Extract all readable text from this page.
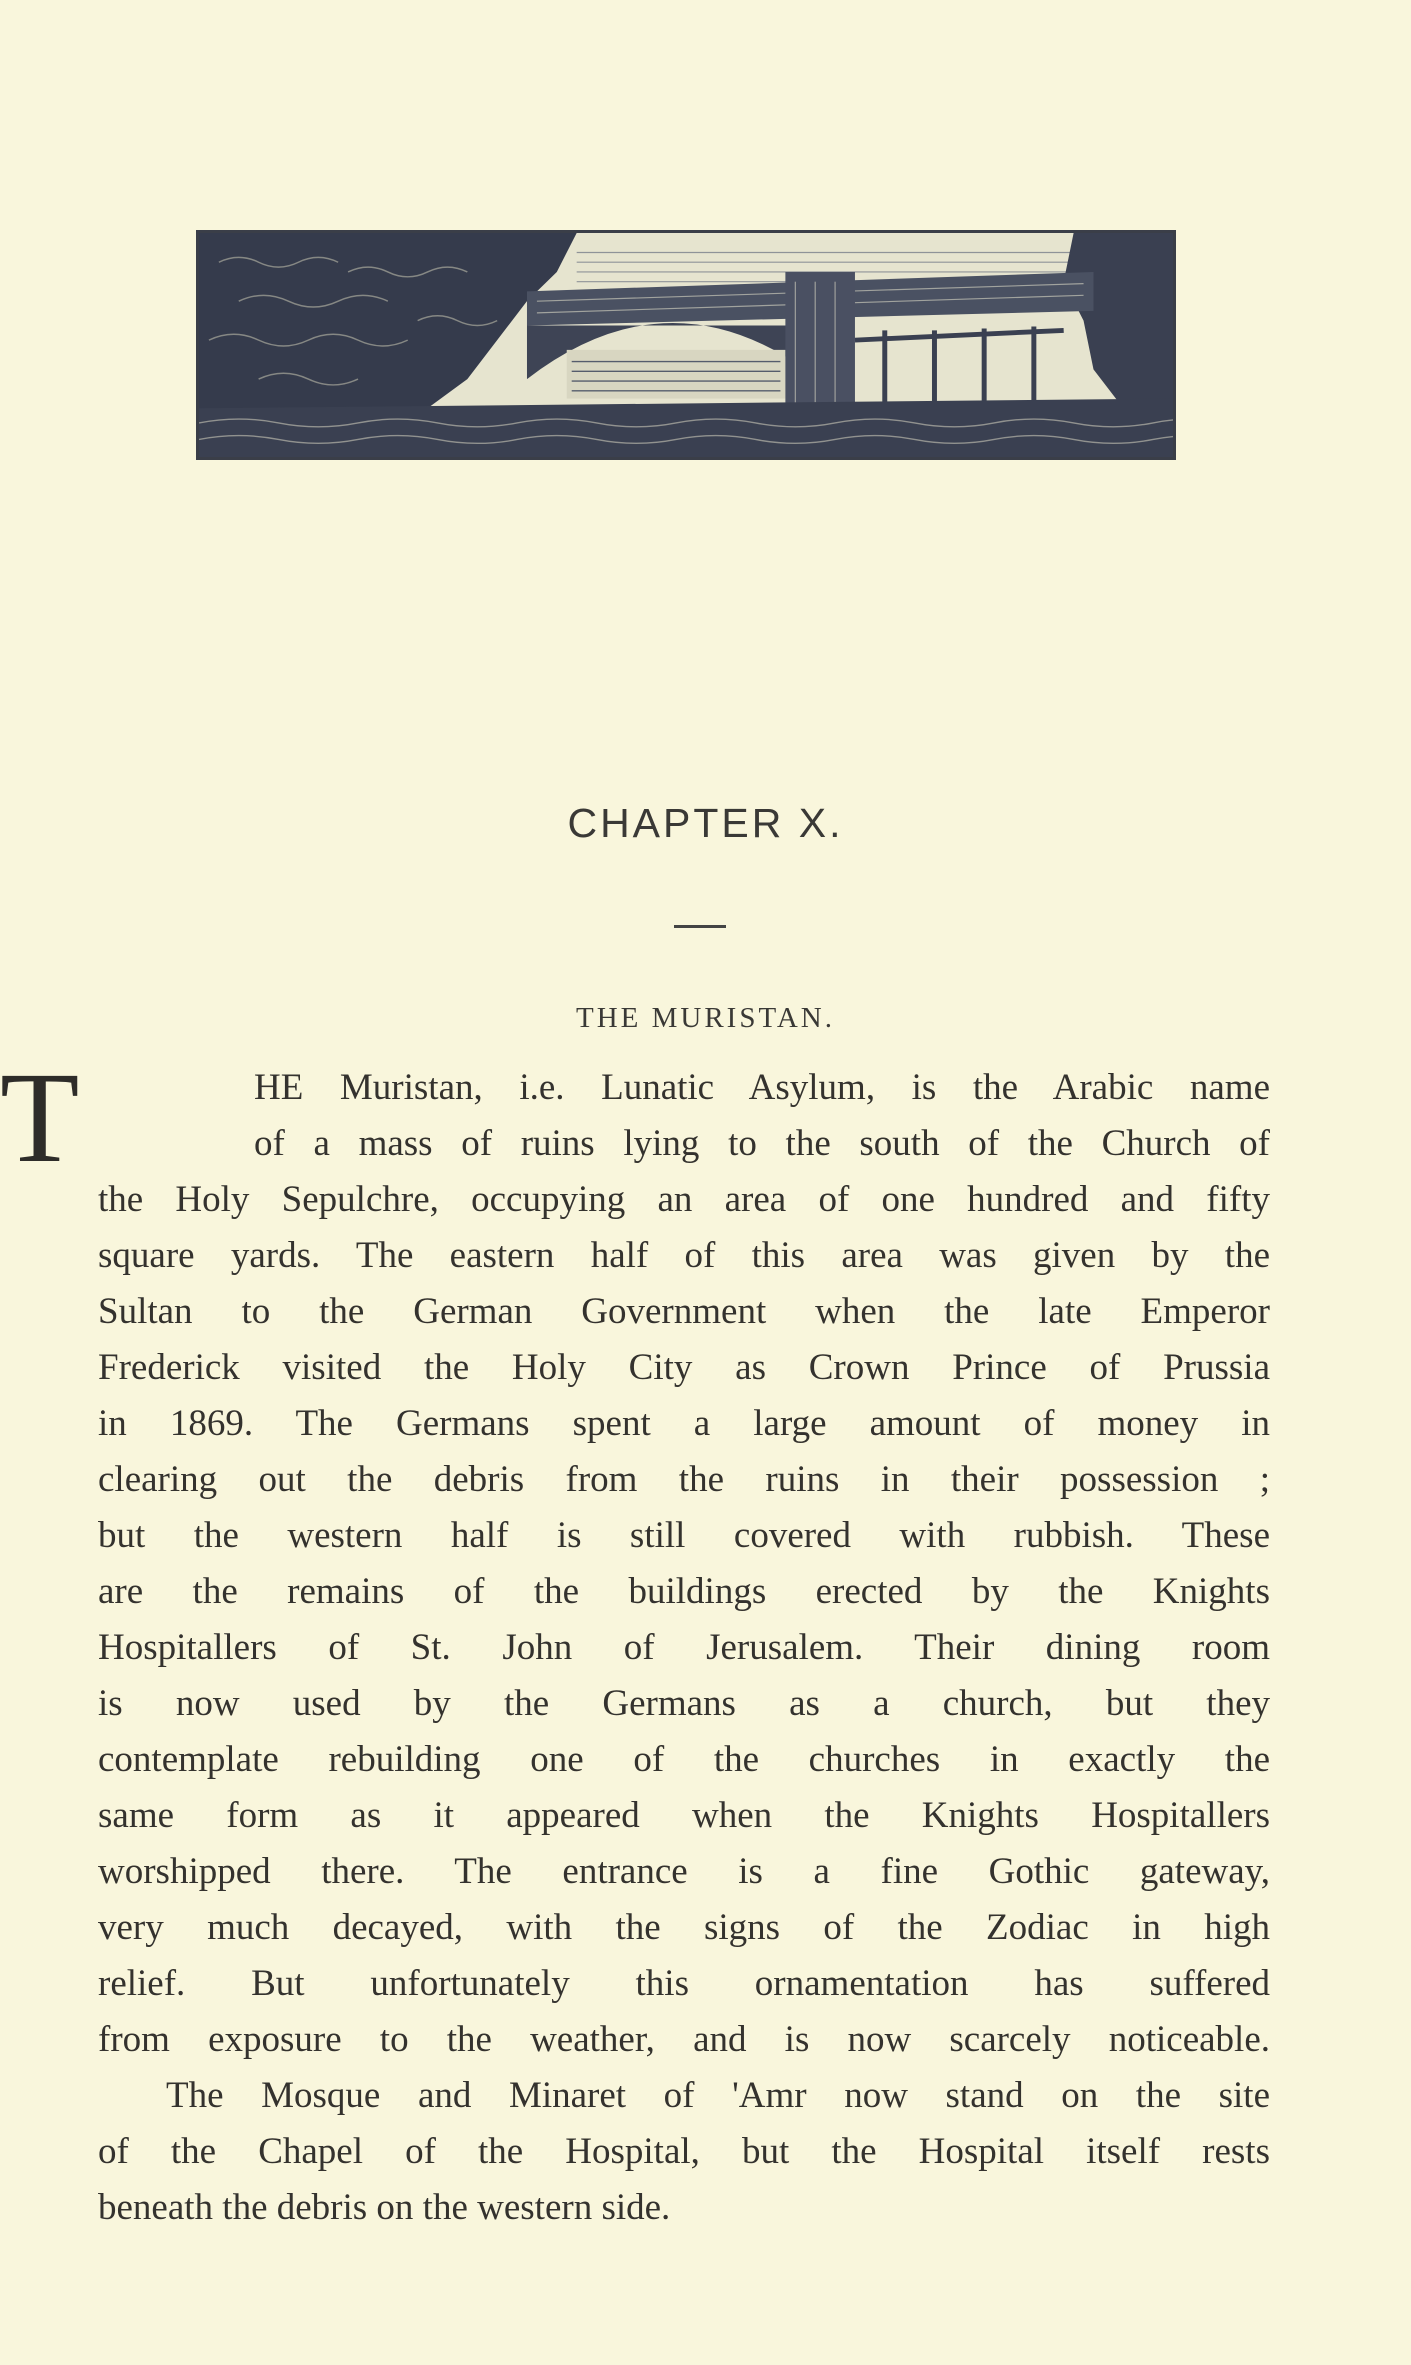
CHAPTER X.
THE MURISTAN.
T	HE Muristan, i.e. Lunatic Asylum, is the Arabic name
of a mass of ruins lying to the south of the Church of
the Holy Sepulchre, occupying an area of one hundred and fifty
square yards. The eastern half of this area was given by the
Sultan to the German Government when the late Emperor
Frederick visited the Holy City as Crown Prince of Prussia
in 1869. The Germans spent a large amount of money in
clearing out the debris from the ruins in their possession ;
but the western half is still covered with rubbish. These
are the remains of the buildings erected by the Knights
Hospitallers of St. John of Jerusalem. Their dining room
is now used by the Germans as a church, but they
contemplate rebuilding one of the churches in exactly the
same form as it appeared when the Knights Hospitallers
worshipped there. The entrance is a fine Gothic gateway,
very much decayed, with the signs of the Zodiac in high
relief. But unfortunately this ornamentation has suffered
from exposure to the weather, and is now scarcely noticeable.
The Mosque and Minaret of 'Amr now stand on the site
of the Chapel of the Hospital, but the Hospital itself rests
beneath the debris on the western side.
